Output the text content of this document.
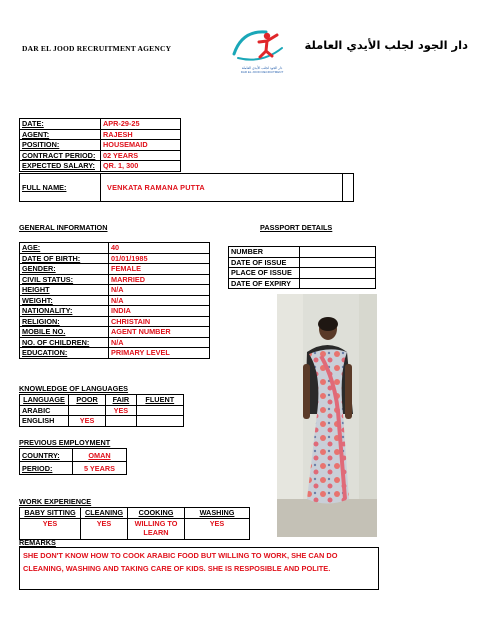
DAR EL JOOD RECRUITMENT AGENCY
دار الجود لجلب الأيدي العاملة
DAR EL JOOD RECRUITMENT
دار الجود لجلب الأيدي العاملة
DATE:	APR-29-25
AGENT:	RAJESH
POSITION:	HOUSEMAID
CONTRACT PERIOD:	02 YEARS
EXPECTED SALARY:	QR. 1, 300
FULL NAME:	VENKATA RAMANA PUTTA	
GENERAL INFORMATION	PASSPORT DETAILS
AGE:	40
DATE OF BIRTH:	01/01/1985
GENDER:	FEMALE
CIVIL STATUS:	MARRIED
HEIGHT	N/A
WEIGHT:	N/A
NATIONALITY:	INDIA
RELIGION:	CHRISTAIN
MOBILE NO.	AGENT NUMBER
NO. OF CHILDREN:	N/A
EDUCATION:	PRIMARY LEVEL
NUMBER	
DATE OF ISSUE	
PLACE OF ISSUE	
DATE OF EXPIRY	
KNOWLEDGE OF LANGUAGES
LANGUAGE	POOR	FAIR	FLUENT
ARABIC		YES	
ENGLISH	YES		
PREVIOUS EMPLOYMENT
COUNTRY:	OMAN
PERIOD:	5 YEARS
WORK EXPERIENCE
BABY SITTING	CLEANING	COOKING	WASHING
YES	YES	WILLING TO LEARN	YES
REMARKS
SHE DON'T KNOW HOW TO COOK ARABIC FOOD BUT WILLING TO WORK, SHE CAN DO CLEANING, WASHING AND TAKING CARE OF KIDS. SHE IS RESPOSIBLE AND POLITE.
